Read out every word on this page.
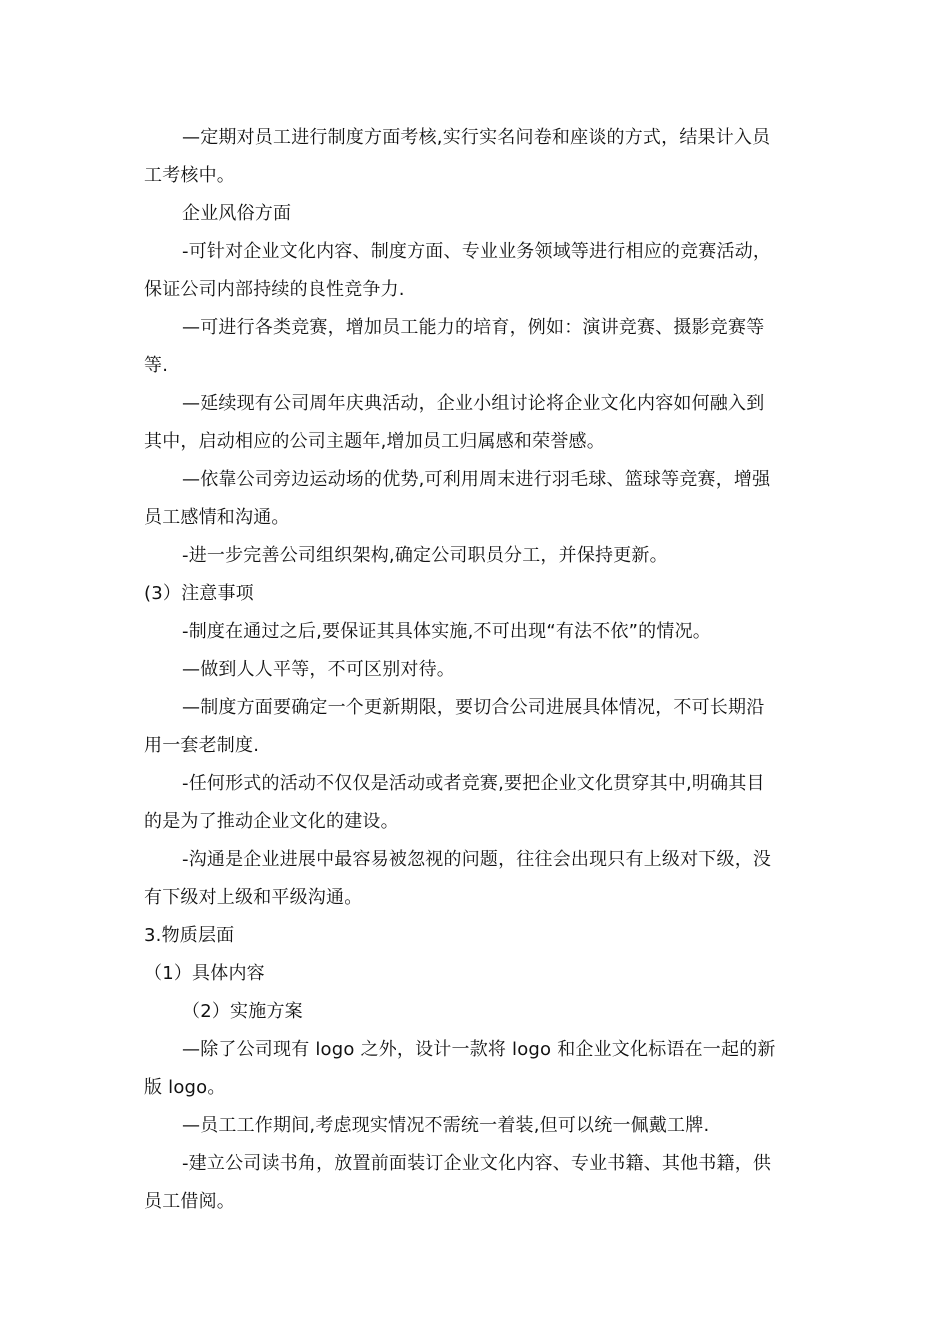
—定期对员工进行制度方面考核,实行实名问卷和座谈的方式，结果计入员
工考核中。
企业风俗方面
-可针对企业文化内容、制度方面、专业业务领域等进行相应的竞赛活动，
保证公司内部持续的良性竞争力.
—可进行各类竞赛，增加员工能力的培育，例如：演讲竞赛、摄影竞赛等
等.
—延续现有公司周年庆典活动，企业小组讨论将企业文化内容如何融入到
其中，启动相应的公司主题年,增加员工归属感和荣誉感。
—依靠公司旁边运动场的优势,可利用周末进行羽毛球、篮球等竞赛，增强
员工感情和沟通。
-进一步完善公司组织架构,确定公司职员分工，并保持更新。
(3）注意事项
-制度在通过之后,要保证其具体实施,不可出现“有法不依”的情况。
—做到人人平等，不可区别对待。
—制度方面要确定一个更新期限，要切合公司进展具体情况，不可长期沿
用一套老制度.
-任何形式的活动不仅仅是活动或者竞赛,要把企业文化贯穿其中,明确其目
的是为了推动企业文化的建设。
-沟通是企业进展中最容易被忽视的问题，往往会出现只有上级对下级，没
有下级对上级和平级沟通。
3.物质层面
（1）具体内容
（2）实施方案
—除了公司现有 logo 之外，设计一款将 logo 和企业文化标语在一起的新
版 logo。
—员工工作期间,考虑现实情况不需统一着装,但可以统一佩戴工牌.
-建立公司读书角，放置前面装订企业文化内容、专业书籍、其他书籍，供
员工借阅。
